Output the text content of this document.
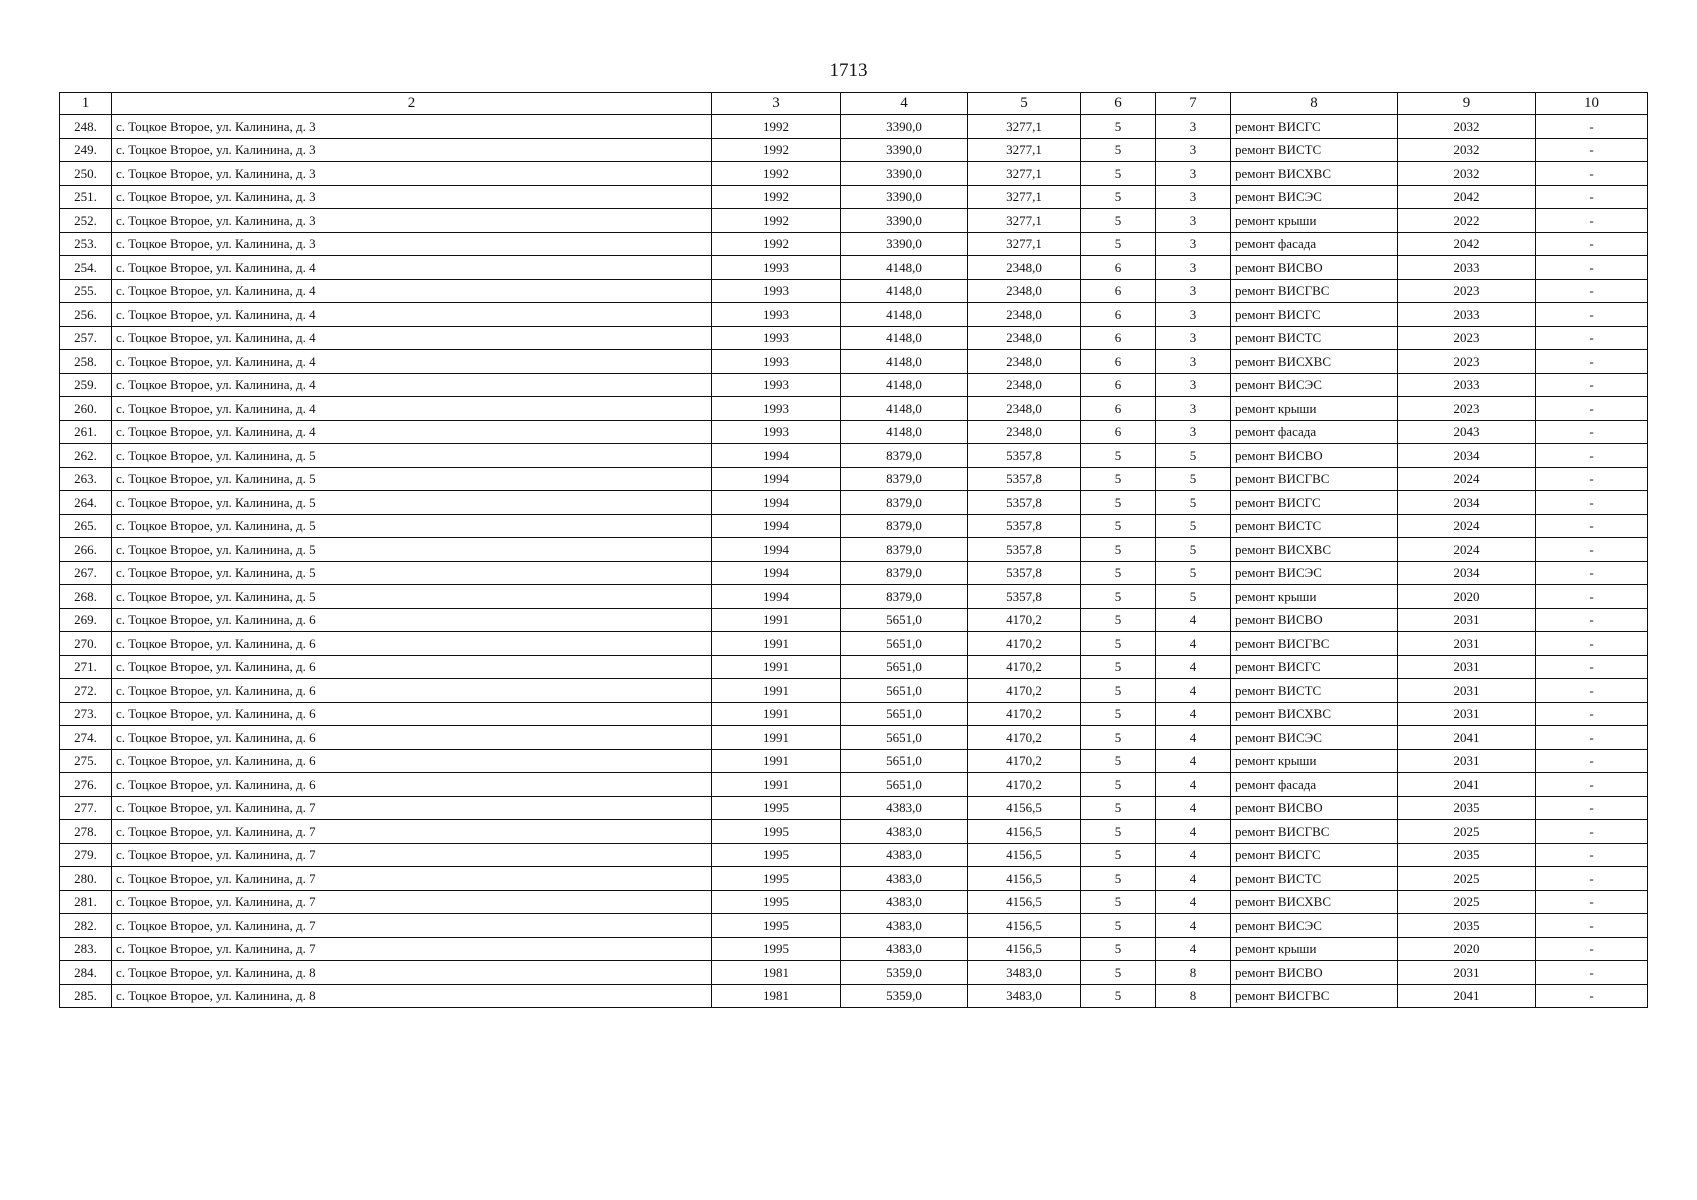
1713
1	2	3	4	5	6	7	8	9	10
248.	с. Тоцкое Второе, ул. Калинина, д. 3	1992	3390,0	3277,1	5	3	ремонт ВИСГС	2032	-
249.	с. Тоцкое Второе, ул. Калинина, д. 3	1992	3390,0	3277,1	5	3	ремонт ВИСТС	2032	-
250.	с. Тоцкое Второе, ул. Калинина, д. 3	1992	3390,0	3277,1	5	3	ремонт ВИСХВС	2032	-
251.	с. Тоцкое Второе, ул. Калинина, д. 3	1992	3390,0	3277,1	5	3	ремонт ВИСЭС	2042	-
252.	с. Тоцкое Второе, ул. Калинина, д. 3	1992	3390,0	3277,1	5	3	ремонт крыши	2022	-
253.	с. Тоцкое Второе, ул. Калинина, д. 3	1992	3390,0	3277,1	5	3	ремонт фасада	2042	-
254.	с. Тоцкое Второе, ул. Калинина, д. 4	1993	4148,0	2348,0	6	3	ремонт ВИСВО	2033	-
255.	с. Тоцкое Второе, ул. Калинина, д. 4	1993	4148,0	2348,0	6	3	ремонт ВИСГВС	2023	-
256.	с. Тоцкое Второе, ул. Калинина, д. 4	1993	4148,0	2348,0	6	3	ремонт ВИСГС	2033	-
257.	с. Тоцкое Второе, ул. Калинина, д. 4	1993	4148,0	2348,0	6	3	ремонт ВИСТС	2023	-
258.	с. Тоцкое Второе, ул. Калинина, д. 4	1993	4148,0	2348,0	6	3	ремонт ВИСХВС	2023	-
259.	с. Тоцкое Второе, ул. Калинина, д. 4	1993	4148,0	2348,0	6	3	ремонт ВИСЭС	2033	-
260.	с. Тоцкое Второе, ул. Калинина, д. 4	1993	4148,0	2348,0	6	3	ремонт крыши	2023	-
261.	с. Тоцкое Второе, ул. Калинина, д. 4	1993	4148,0	2348,0	6	3	ремонт фасада	2043	-
262.	с. Тоцкое Второе, ул. Калинина, д. 5	1994	8379,0	5357,8	5	5	ремонт ВИСВО	2034	-
263.	с. Тоцкое Второе, ул. Калинина, д. 5	1994	8379,0	5357,8	5	5	ремонт ВИСГВС	2024	-
264.	с. Тоцкое Второе, ул. Калинина, д. 5	1994	8379,0	5357,8	5	5	ремонт ВИСГС	2034	-
265.	с. Тоцкое Второе, ул. Калинина, д. 5	1994	8379,0	5357,8	5	5	ремонт ВИСТС	2024	-
266.	с. Тоцкое Второе, ул. Калинина, д. 5	1994	8379,0	5357,8	5	5	ремонт ВИСХВС	2024	-
267.	с. Тоцкое Второе, ул. Калинина, д. 5	1994	8379,0	5357,8	5	5	ремонт ВИСЭС	2034	-
268.	с. Тоцкое Второе, ул. Калинина, д. 5	1994	8379,0	5357,8	5	5	ремонт крыши	2020	-
269.	с. Тоцкое Второе, ул. Калинина, д. 6	1991	5651,0	4170,2	5	4	ремонт ВИСВО	2031	-
270.	с. Тоцкое Второе, ул. Калинина, д. 6	1991	5651,0	4170,2	5	4	ремонт ВИСГВС	2031	-
271.	с. Тоцкое Второе, ул. Калинина, д. 6	1991	5651,0	4170,2	5	4	ремонт ВИСГС	2031	-
272.	с. Тоцкое Второе, ул. Калинина, д. 6	1991	5651,0	4170,2	5	4	ремонт ВИСТС	2031	-
273.	с. Тоцкое Второе, ул. Калинина, д. 6	1991	5651,0	4170,2	5	4	ремонт ВИСХВС	2031	-
274.	с. Тоцкое Второе, ул. Калинина, д. 6	1991	5651,0	4170,2	5	4	ремонт ВИСЭС	2041	-
275.	с. Тоцкое Второе, ул. Калинина, д. 6	1991	5651,0	4170,2	5	4	ремонт крыши	2031	-
276.	с. Тоцкое Второе, ул. Калинина, д. 6	1991	5651,0	4170,2	5	4	ремонт фасада	2041	-
277.	с. Тоцкое Второе, ул. Калинина, д. 7	1995	4383,0	4156,5	5	4	ремонт ВИСВО	2035	-
278.	с. Тоцкое Второе, ул. Калинина, д. 7	1995	4383,0	4156,5	5	4	ремонт ВИСГВС	2025	-
279.	с. Тоцкое Второе, ул. Калинина, д. 7	1995	4383,0	4156,5	5	4	ремонт ВИСГС	2035	-
280.	с. Тоцкое Второе, ул. Калинина, д. 7	1995	4383,0	4156,5	5	4	ремонт ВИСТС	2025	-
281.	с. Тоцкое Второе, ул. Калинина, д. 7	1995	4383,0	4156,5	5	4	ремонт ВИСХВС	2025	-
282.	с. Тоцкое Второе, ул. Калинина, д. 7	1995	4383,0	4156,5	5	4	ремонт ВИСЭС	2035	-
283.	с. Тоцкое Второе, ул. Калинина, д. 7	1995	4383,0	4156,5	5	4	ремонт крыши	2020	-
284.	с. Тоцкое Второе, ул. Калинина, д. 8	1981	5359,0	3483,0	5	8	ремонт ВИСВО	2031	-
285.	с. Тоцкое Второе, ул. Калинина, д. 8	1981	5359,0	3483,0	5	8	ремонт ВИСГВС	2041	-
